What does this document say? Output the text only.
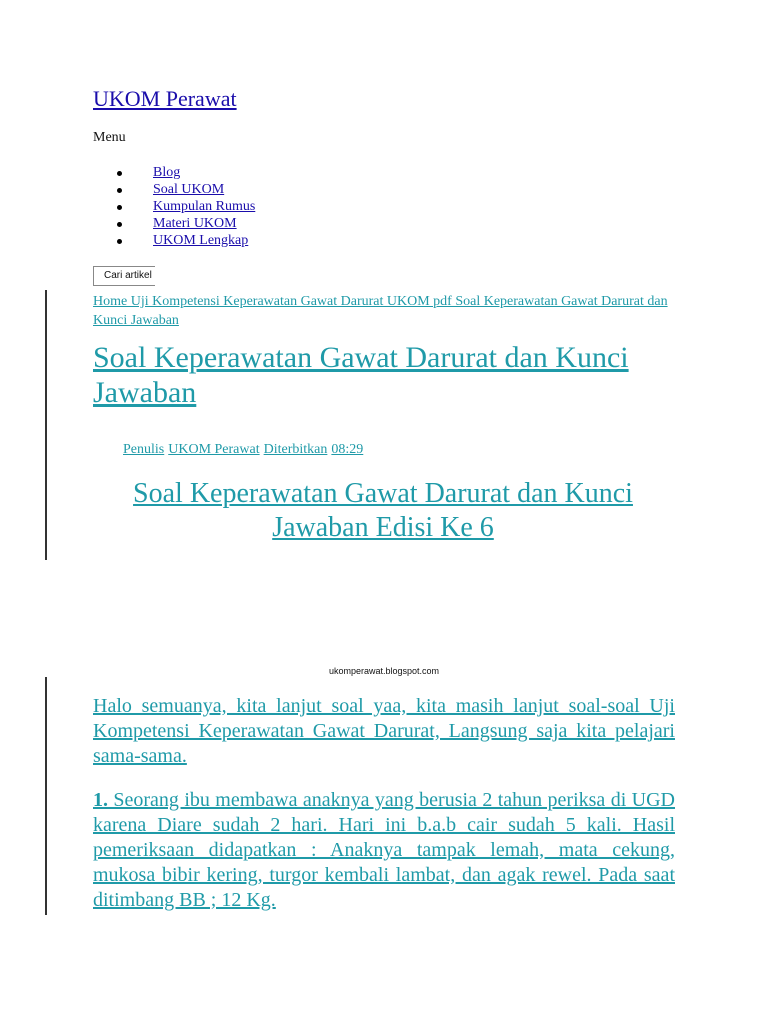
UKOM Perawat
Menu
Blog
Soal UKOM
Kumpulan Rumus
Materi UKOM
UKOM Lengkap
Cari artikel
Home Uji Kompetensi Keperawatan Gawat Darurat UKOM pdf Soal Keperawatan Gawat Darurat dan Kunci Jawaban
Soal Keperawatan Gawat Darurat dan Kunci Jawaban
Penulis UKOM Perawat Diterbitkan 08:29
Soal Keperawatan Gawat Darurat dan Kunci Jawaban Edisi Ke 6
ukomperawat.blogspot.com

Halo semuanya, kita lanjut soal yaa, kita masih lanjut soal-soal Uji Kompetensi Keperawatan Gawat Darurat, Langsung saja kita pelajari sama-sama.

1. Seorang ibu membawa anaknya yang berusia 2 tahun periksa di UGD karena Diare sudah 2 hari. Hari ini b.a.b cair sudah 5 kali. Hasil pemeriksaan didapatkan : Anaknya tampak lemah, mata cekung, mukosa bibir kering, turgor kembali lambat, dan agak rewel. Pada saat ditimbang BB ; 12 Kg.
